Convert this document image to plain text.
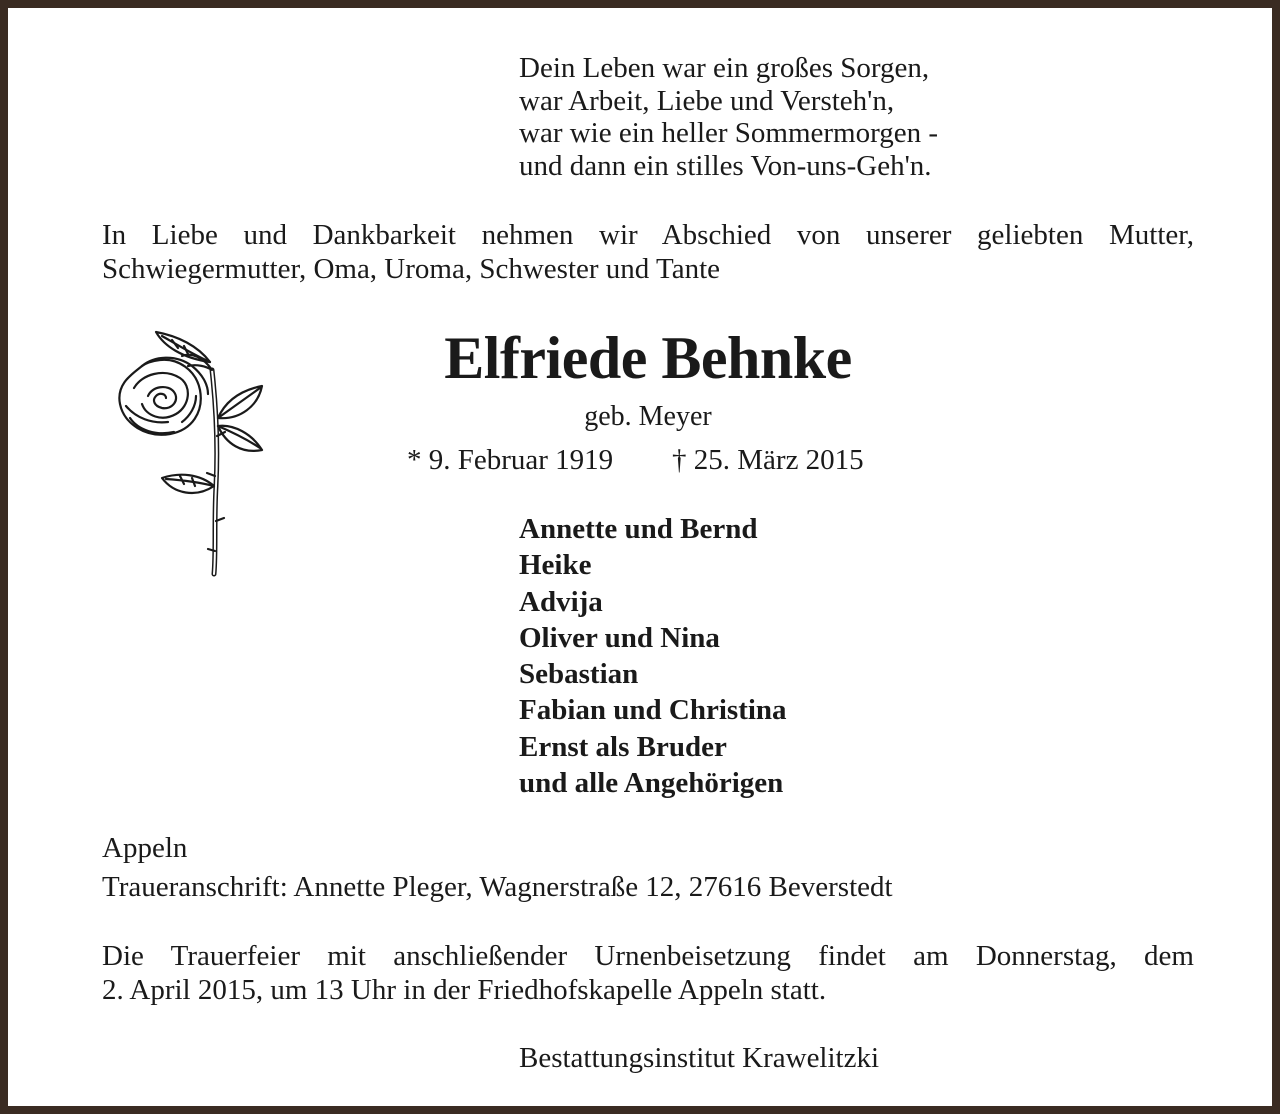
Dein Leben war ein großes Sorgen,
war Arbeit, Liebe und Versteh'n,
war wie ein heller Sommermorgen -
und dann ein stilles Von-uns-Geh'n.
In Liebe und Dankbarkeit nehmen wir Abschied von unserer geliebten Mutter,
Schwiegermutter, Oma, Uroma, Schwester und Tante
Elfriede Behnke
geb. Meyer
* 9. Februar 1919 † 25. März 2015
Annette und Bernd
Heike
Advija
Oliver und Nina
Sebastian
Fabian und Christina
Ernst als Bruder
und alle Angehörigen
Appeln
Traueranschrift: Annette Pleger, Wagnerstraße 12, 27616 Beverstedt
Die Trauerfeier mit anschließender Urnenbeisetzung findet am Donnerstag, dem
2. April 2015, um 13 Uhr in der Friedhofskapelle Appeln statt.
Bestattungsinstitut Krawelitzki
